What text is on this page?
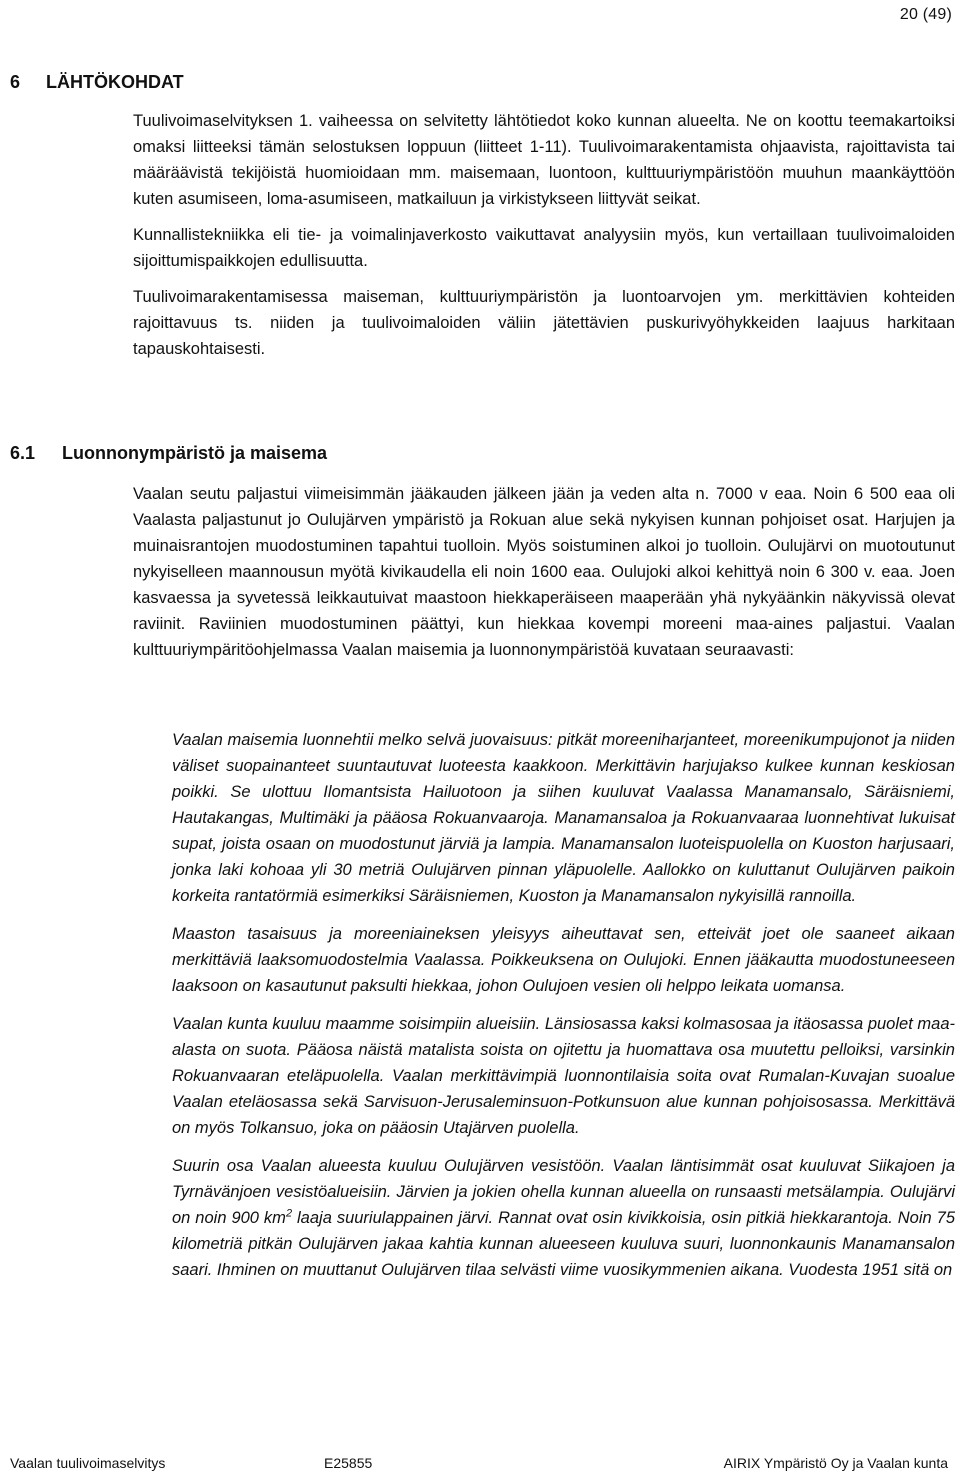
20 (49)
6 LÄHTÖKOHDAT

Tuulivoimaselvityksen 1. vaiheessa on selvitetty lähtötiedot koko kunnan alueelta. Ne on koottu teemakartoiksi omaksi liitteeksi tämän selostuksen loppuun (liitteet 1-11). Tuulivoimarakentamista ohjaavista, rajoittavista tai määräävistä tekijöistä huomioidaan mm. maisemaan, luontoon, kulttuuriympäristöön muuhun maankäyttöön kuten asumiseen, loma-asumiseen, matkailuun ja virkistykseen liittyvät seikat.

Kunnallistekniikka eli tie- ja voimalinjaverkosto vaikuttavat analyysiin myös, kun vertaillaan tuulivoimaloiden sijoittumispaikkojen edullisuutta.

Tuulivoimarakentamisessa maiseman, kulttuuriympäristön ja luontoarvojen ym. merkittävien kohteiden rajoittavuus ts. niiden ja tuulivoimaloiden väliin jätettävien puskurivyöhykkeiden laajuus harkitaan tapauskohtaisesti.

6.1 Luonnonympäristö ja maisema

Vaalan seutu paljastui viimeisimmän jääkauden jälkeen jään ja veden alta n. 7000 v eaa. Noin 6 500 eaa oli Vaalasta paljastunut jo Oulujärven ympäristö ja Rokuan alue sekä nykyisen kunnan pohjoiset osat. Harjujen ja muinaisrantojen muodostuminen tapahtui tuolloin. Myös soistuminen alkoi jo tuolloin. Oulujärvi on muotoutunut nykyiselleen maannousun myötä kivikaudella eli noin 1600 eaa. Oulujoki alkoi kehittyä noin 6 300 v. eaa. Joen kasvaessa ja syvetessä leikkautuivat maastoon hiekkaperäiseen maaperään yhä nykyäänkin näkyvissä olevat raviinit. Raviinien muodostuminen päättyi, kun hiekkaa kovempi moreeni maa-aines paljastui. Vaalan kulttuuriympäritöohjelmassa Vaalan maisemia ja luonnonympäristöä kuvataan seuraavasti:

Vaalan maisemia luonnehtii melko selvä juovaisuus: pitkät moreeniharjanteet, moreenikumpujonot ja niiden väliset suopainanteet suuntautuvat luoteesta kaakkoon. Merkittävin harjujakso kulkee kunnan keskiosan poikki. Se ulottuu Ilomantsista Hailuotoon ja siihen kuuluvat Vaalassa Manamansalo, Säräisniemi, Hautakangas, Multimäki ja pääosa Rokuanvaaroja. Manamansaloa ja Rokuanvaaraa luonnehtivat lukuisat supat, joista osaan on muodostunut järviä ja lampia. Manamansalon luoteispuolella on Kuoston harjusaari, jonka laki kohoaa yli 30 metriä Oulujärven pinnan yläpuolelle. Aallokko on kuluttanut Oulujärven paikoin korkeita rantatörmiä esimerkiksi Säräisniemen, Kuoston ja Manamansalon nykyisillä rannoilla.

Maaston tasaisuus ja moreeniaineksen yleisyys aiheuttavat sen, etteivät joet ole saaneet aikaan merkittäviä laaksomuodostelmia Vaalassa. Poikkeuksena on Oulujoki. Ennen jääkautta muodostuneeseen laaksoon on kasautunut paksulti hiekkaa, johon Oulujoen vesien oli helppo leikata uomansa.

Vaalan kunta kuuluu maamme soisimpiin alueisiin. Länsiosassa kaksi kolmasosaa ja itäosassa puolet maa-alasta on suota. Pääosa näistä matalista soista on ojitettu ja huomattava osa muutettu pelloiksi, varsinkin Rokuanvaaran eteläpuolella. Vaalan merkittävimpiä luonnontilaisia soita ovat Rumalan-Kuvajan suoalue Vaalan eteläosassa sekä Sarvisuon-Jerusaleminsuon-Potkunsuon alue kunnan pohjoisosassa. Merkittävä on myös Tolkansuo, joka on pääosin Utajärven puolella.

Suurin osa Vaalan alueesta kuuluu Oulujärven vesistöön. Vaalan läntisimmät osat kuuluvat Siikajoen ja Tyrnävänjoen vesistöalueisiin. Järvien ja jokien ohella kunnan alueella on runsaasti metsälampia. Oulujärvi on noin 900 $km^2$ laaja suuriulappainen järvi. Rannat ovat osin kivikkoisia, osin pitkiä hiekkarantoja. Noin 75 kilometriä pitkän Oulujärven jakaa kahtia kunnan alueeseen kuuluva suuri, luonnonkaunis Manamansalon saari. Ihminen on muuttanut Oulujärven tilaa selvästi viime vuosikymmenien aikana. Vuodesta 1951 sitä on

Vaalan tuulivoimaselvitys	E25855	AIRIX Ympäristö Oy ja Vaalan kunta
